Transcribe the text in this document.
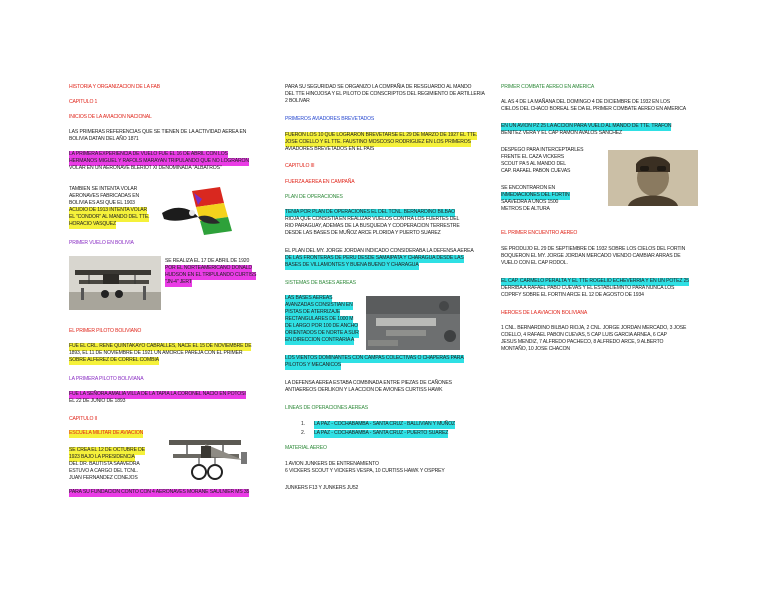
HISTORIA Y ORGANIZACION DE LA FAB
CAPITULO 1
INICIOS DE LA AVIACION NACIONAL
LAS PRIMERAS REFERENCIAS QUE SE TIENEN DE LA ACTIVIDAD AEREA EN
BOLIVIA DATAN DEL AÑO 1871
LA PRIMERA EXPERIENCIA DE VUELO FUE EL 16 DE ABRIL CON LOS
HERMANOS MIGUEL Y RAFOLS MARAYAN TRIPULANDO QUE NO LOGRARON
VOLAR EN UN AERONAVE BLERIOT XI DENOMINADA "ALBATROS"
TAMBIEN SE INTENTA VOLAR
AERONAVES FABRICADAS EN
BOLIVIA ES ASI QUE EL 1903
ACUDIO DE 1913 INTENTA VOLAR
EL "CONDOR" AL MANDO DEL TTE.
HORACIO VASQUEZ
PRIMER VUELO EN BOLIVIA
SE REALIZA EL 17 DE ABRIL DE 1920
POR EL NORTEAMERICANO DONALD
HUDSON EN EL TRIPULANDO CURTISS
"JN-4" JERT
EL PRIMER PILOTO BOLIVIANO
FUE EL CRL. RENE QUINTAKAYO CABRALLES, NACE EL 15 DE NOVIEMBRE DE
1893, EL 11 DE NOVIEMBRE DE 1921 UN AMORCE PAREJA CON EL PRIMER
SOBRE ALFEREZ DE CORREL COMBIA
LA PRIMERA PILOTO BOLIVIANA
FUE LA SEÑORA AMALIA VILLA DE LA TAPIA LA CORONEL NACIO EN POTOSI
EL 22 DE JUNIO DE 1893
CAPITULO II
ESCUELA MILITAR DE AVIACION
SE CREA EL 12 DE OCTUBRE DE
1923 BAJO LA PRESIDENCIA
DEL DR. BAUTISTA SAAVEDRA
ESTUVO A CARGO DEL TCNL.
JUAN FERNANDEZ CONEJOS
PARA SU FUNDACION CONTO CON 4 AERONAVES MORANE SAULNIER MS 35
PARA SU SEGURIDAD SE ORGANIZO LA COMPAÑIA DE RESGUARDO AL MANDO
DEL TTE HINOJOSA Y EL PILOTO DE CONSCRIPTOS DEL REGIMIENTO DE ARTILLERIA
2 BOLIVAR
PRIMEROS AVIADORES BREVETADOS
FUERON LOS 10 QUE LOGRARON BREVETARSE EL 29 DE MARZO DE 1927 EL TTE.
JOSE COELLO Y EL TTE. FAUSTINO MOSCOSO RODRIGUEZ EN LOS PRIMEROS
AVIADORES BREVETADOS EN EL PAIS
CAPITULO III
FUERZA AEREA EN CAMPAÑA
PLAN DE OPERACIONES
TENIA POR PLAN DE OPERACIONES EL DEL TCNL. BERNARDINO BILBAO
RIOJA QUE CONSISTIA EN REALIZAR VUELOS CONTRA LOS FUERTES DEL
RIO PARAGUAY, ADEMAS DE LA BUSQUEDA Y COOPERACION TERRESTRE
DESDE LAS BASES DE MUÑOZ ARCE PLORIDA Y PUERTO SUAREZ
EL PLAN DEL MY. JORGE JORDAN INDICADO CONSIDERABA LA DEFENSA AEREA
DE LAS FRONTERAS DE PERU DESDE SAMAIPATA Y CHARAGUA DESDE LAS
BASES DE VILLAMONTES Y BUENA BUENO Y CHARAGUA
SISTEMAS DE BASES AEREAS
LAS BASES AEREAS
AVANZADAS CONSISTIAN EN
PISTAS DE ATERRIZAJE
RECTANGULARES DE 1000 M
DE LARGO POR 100 DE ANCHO
ORIENTADOS DE NORTE A SUR
EN DIRECCION CONTRARIA A
LOS VIENTOS DOMINANTES CON CAMPAS COLECTIVAS O CHAPERAS PARA
PILOTOS Y MECANICOS
LA DEFENSA AEREA ESTABA COMBINADA ENTRE PIEZAS DE CAÑONES
ANTIAEREOS OERLIKON Y LA ACCION DE AVIONES CURTISS HAWK
LINEAS DE OPERACIONES AEREAS
1. LA PAZ - COCHABAMBA - SANTA CRUZ - BALLIVIAN Y MUÑOZ
2. LA PAZ - COCHABAMBA - SANTA CRUZ - PUERTO SUAREZ
MATERIAL AEREO
1 AVION JUNKERS DE ENTRENAMIENTO
6 VICKERS SCOUT Y VICKERS VESPA, 10 CURTISS HAWK Y OSPREY
JUNKERS F13 Y JUNKERS JU52
PRIMER COMBATE AEREO EN AMERICA
AL AS 4 DE LA MAÑANA DEL DOMINGO 4 DE DICIEMBRE DE 1932 EN LOS
CIELOS DEL CHACO BOREAL SE DA EL PRIMER COMBATE AEREO EN AMERICA
EN UN AVION PZ 25 LA ACCION PARA VUELO AL MANDO DE TTE. TRAFON
BENITEZ VERA Y EL CAP RAMON AVALOS SANCHEZ
DESPEGO PARA INTERCEPTARLES
FRENTE EL CAZA VICKERS
SCOUT PA 5 AL MANDO DEL
CAP. RAFAEL PABON CUEVAS
SE ENCONTRARON EN
INMEDIACIONES DEL FORTIN
SAAVEDRA A UNOS 1500
METROS DE ALTURA
EL PRIMER ENCUENTRO AEREO
SE PRODUJO EL 29 DE SEPTIEMBRE DE 1932 SOBRE LOS CIELOS DEL FORTIN
BOQUERON EL MY. JORGE JORDAN MERCADO VIENDO CAMBIAR ARRAS DE
VUELO CON EL CAP RODOL.
EL CAP. CARMELO PERALTA Y EL TTE ROGELIO ECHEVERRIA Y EN UN POTEZ 25
DERRIBA A RAFAEL PABO CUEVAS Y EL ESTABLIEMNTO PARA NUNCA LOS
COPRFY SOBRE EL FORTIN ARCE EL 12 DE AGOSTO DE 1934
HEROES DE LA AVIACION BOLIVIANA
1 CNL. BERNARDINO BILBAO RIOJA, 2 CNL. JORGE JORDAN MERCADO, 3 JOSE
COELLO, 4 RAFAEL PABON CUEVAS, 5 CAP LUIS GARCIA ARNEA, 6 CAP
JESUS MENDIZ, 7 ALFREDO PACHECO, 8 ALFREDO ARCE, 9 ALBERTO
MONTAÑO, 10 JOSE CHACON
